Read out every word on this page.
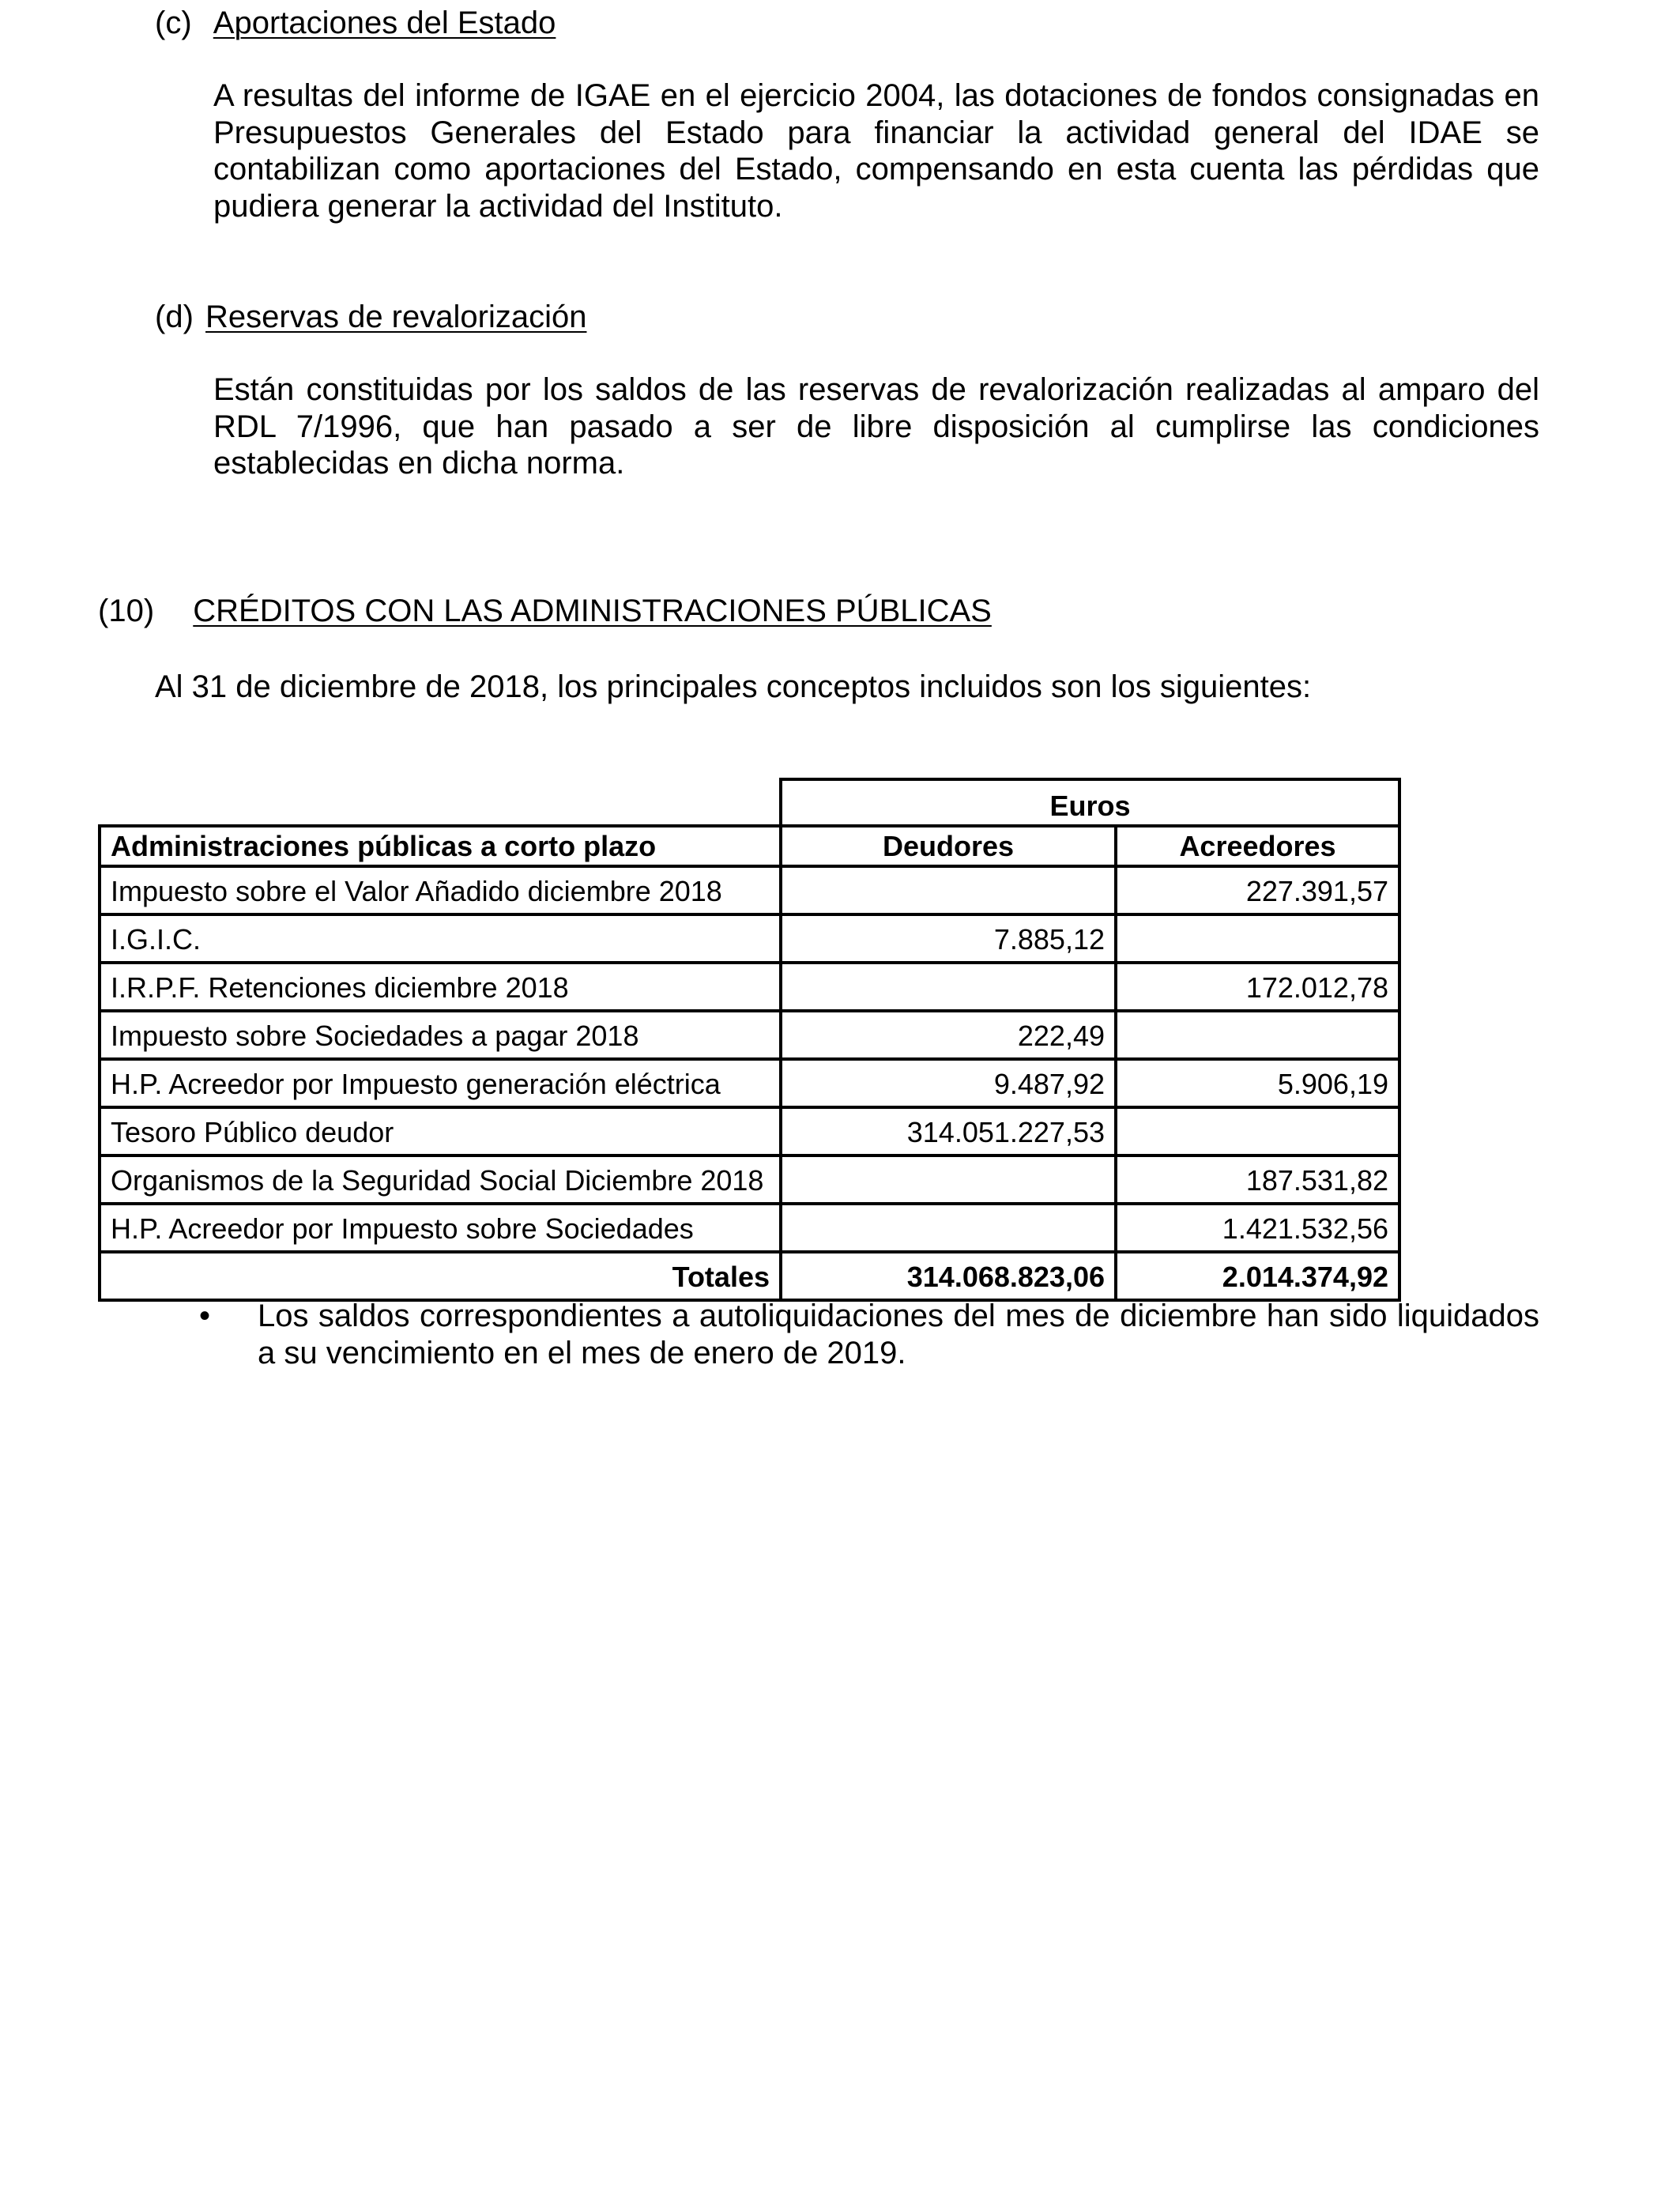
(c) Aportaciones del Estado
A resultas del informe de IGAE en el ejercicio 2004, las dotaciones de fondos consignadas en Presupuestos Generales del Estado para financiar la actividad general del IDAE se contabilizan como aportaciones del Estado, compensando en esta cuenta las pérdidas que pudiera generar la actividad del Instituto.
(d) Reservas de revalorización
Están constituidas por los saldos de las reservas de revalorización realizadas al amparo del RDL 7/1996, que han pasado a ser de libre disposición al cumplirse las condiciones establecidas en dicha norma.
(10) CRÉDITOS CON LAS ADMINISTRACIONES PÚBLICAS
Al 31 de diciembre de 2018, los principales conceptos incluidos son los siguientes:
	Euros	
Administraciones públicas a corto plazo	Deudores	Acreedores
Impuesto sobre el Valor Añadido diciembre 2018		227.391,57
I.G.I.C.	7.885,12	
I.R.P.F. Retenciones diciembre 2018		172.012,78
Impuesto sobre Sociedades a pagar 2018	222,49	
H.P. Acreedor por Impuesto generación eléctrica	9.487,92	5.906,19
Tesoro Público deudor	314.051.227,53	
Organismos de la Seguridad Social Diciembre 2018		187.531,82
H.P. Acreedor por Impuesto sobre Sociedades		1.421.532,56
Totales	314.068.823,06	2.014.374,92
• Los saldos correspondientes a autoliquidaciones del mes de diciembre han sido liquidados a su vencimiento en el mes de enero de 2019.
